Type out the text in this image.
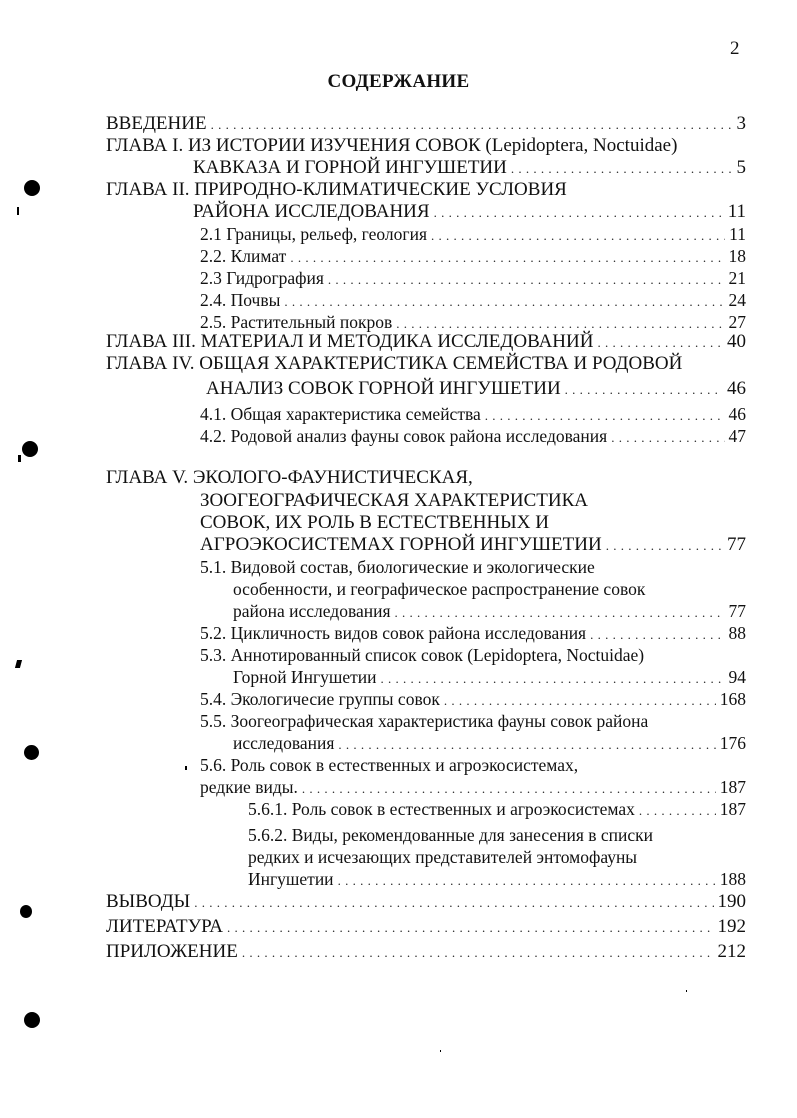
2
СОДЕРЖАНИЕ
ВВЕДЕНИЕ . . .	3
ГЛАВА I. ИЗ ИСТОРИИ ИЗУЧЕНИЯ СОВОК (Lepidoptera, Noctuidae)
КАВКАЗА И ГОРНОЙ ИНГУШЕТИИ . . .	5
ГЛАВА II. ПРИРОДНО-КЛИМАТИЧЕСКИЕ УСЛОВИЯ
РАЙОНА ИССЛЕДОВАНИЯ . . .	11
2.1 Границы, рельеф, геология . . .	11
2.2. Климат . . .	18
2.3 Гидрография . . .	21
2.4. Почвы . . .	24
2.5. Растительный покров . . .	27
ГЛАВА III. МАТЕРИАЛ И МЕТОДИКА ИССЛЕДОВАНИЙ . . .	40
ГЛАВА IV. ОБЩАЯ ХАРАКТЕРИСТИКА СЕМЕЙСТВА И РОДОВОЙ
АНАЛИЗ СОВОК ГОРНОЙ ИНГУШЕТИИ . . .	46
4.1. Общая характеристика семейства . . .	46
4.2. Родовой анализ фауны совок района исследования . . .	47
ГЛАВА V. ЭКОЛОГО-ФАУНИСТИЧЕСКАЯ,
ЗООГЕОГРАФИЧЕСКАЯ ХАРАКТЕРИСТИКА
СОВОК, ИХ РОЛЬ В ЕСТЕСТВЕННЫХ И
АГРОЭКОСИСТЕМАХ ГОРНОЙ ИНГУШЕТИИ . . .	77
5.1. Видовой состав, биологические и экологические
особенности, и географическое распространение совок
района исследования . . .	77
5.2. Цикличность видов совок района исследования . . .	88
5.3. Аннотированный список совок (Lepidoptera, Noctuidae)
Горной Ингушетии . . .	94
5.4. Экологичесие группы совок . . .	168
5.5. Зоогеографическая характеристика фауны совок района
исследования . . .	176
5.6. Роль совок в естественных и агроэкосистемах,
редкие виды. . . .	187
5.6.1. Роль совок в естественных и агроэкосистемах . . .	187
5.6.2. Виды, рекомендованные для занесения в списки
редких и исчезающих представителей энтомофауны
Ингушетии . . .	188
ВЫВОДЫ . . .	190
ЛИТЕРАТУРА . . .	192
ПРИЛОЖЕНИЕ . . .	212
